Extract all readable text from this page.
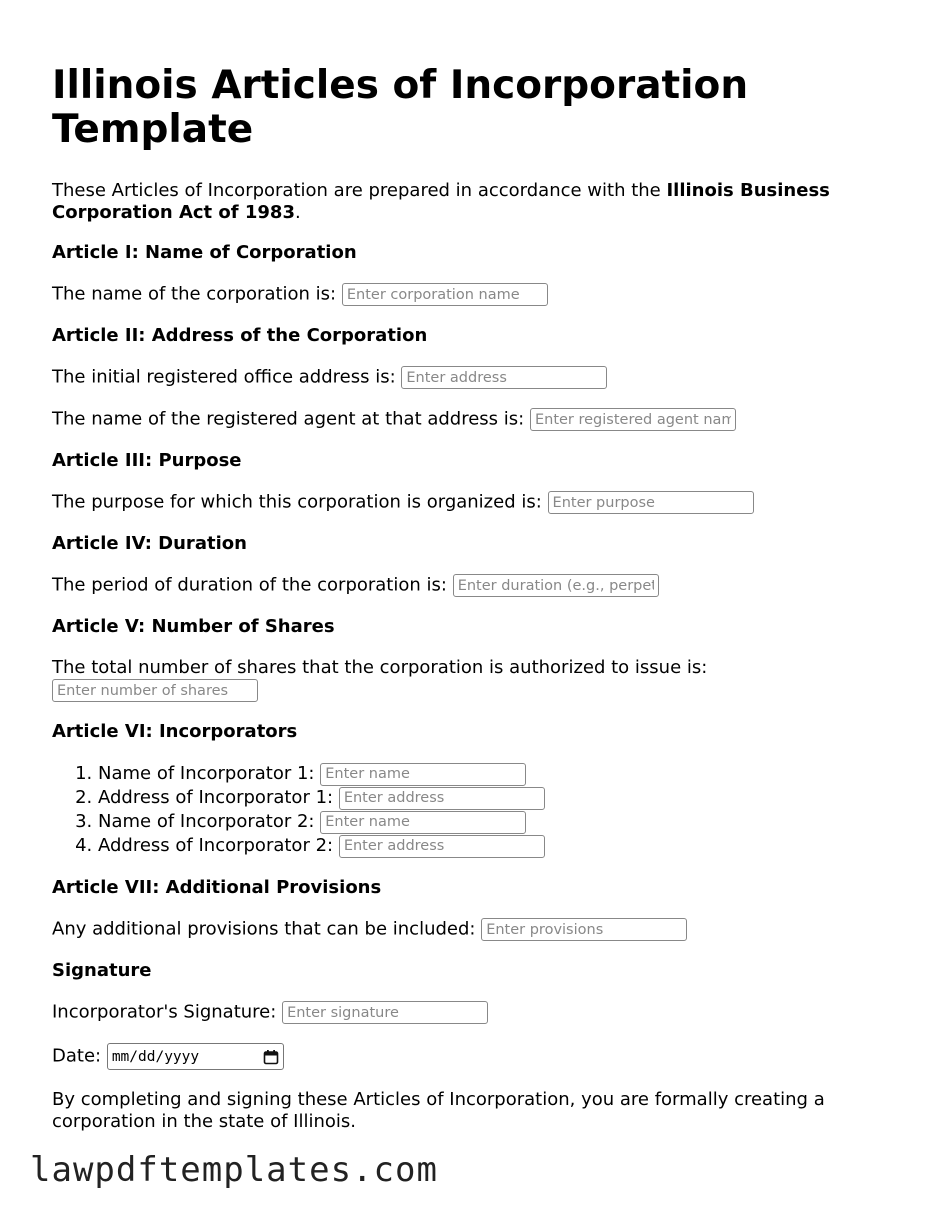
Illinois Articles of Incorporation Template

These Articles of Incorporation are prepared in accordance with the Illinois Business Corporation Act of 1983.

Article I: Name of Corporation

The name of the corporation is: Enter corporation name

Article II: Address of the Corporation

The initial registered office address is: Enter address

The name of the registered agent at that address is: Enter registered agent name

Article III: Purpose

The purpose for which this corporation is organized is: Enter purpose

Article IV: Duration

The period of duration of the corporation is: Enter duration (e.g., perpetual)

Article V: Number of Shares

The total number of shares that the corporation is authorized to issue is: Enter number of shares

Article VI: Incorporators
1. Name of Incorporator 1: Enter name
2. Address of Incorporator 1: Enter address
3. Name of Incorporator 2: Enter name
4. Address of Incorporator 2: Enter address
Article VII: Additional Provisions

Any additional provisions that can be included: Enter provisions

Signature

Incorporator's Signature: Enter signature

Date: mm/dd/yyyy

By completing and signing these Articles of Incorporation, you are formally creating a corporation in the state of Illinois.

lawpdftemplates.com
